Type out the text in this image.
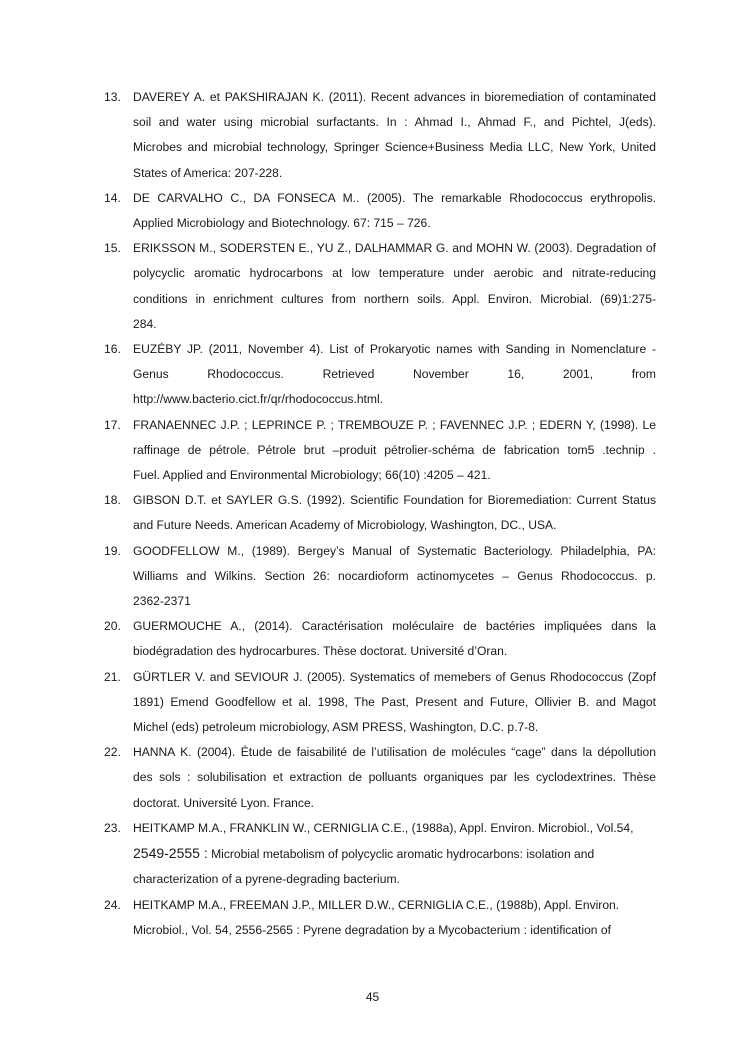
13. DAVEREY A. et PAKSHIRAJAN K. (2011). Recent advances in bioremediation of contaminated
soil and water using microbial surfactants. In : Ahmad I., Ahmad F., and Pichtel, J(eds).
Microbes and microbial technology, Springer Science+Business Media LLC, New York, United
States of America: 207-228.
14. DE CARVALHO C., DA FONSECA M.. (2005). The remarkable Rhodococcus erythropolis.
Applied Microbiology and Biotechnology. 67: 715 – 726.
15. ERIKSSON M., SODERSTEN E., YU Z., DALHAMMAR G. and MOHN W. (2003). Degradation of
polycyclic aromatic hydrocarbons at low temperature under aerobic and nitrate-reducing
conditions in enrichment cultures from northern soils. Appl. Environ. Microbial. (69)1:275-
284.
16. EUZÉBY JP. (2011, November 4). List of Prokaryotic names with Sanding in Nomenclature -
Genus Rhodococcus. Retrieved November 16, 2001, from
http://www.bacterio.cict.fr/qr/rhodococcus.html.
17. FRANAENNEC J.P. ; LEPRINCE P. ; TREMBOUZE P. ; FAVENNEC J.P. ; EDERN Y, (1998). Le
raffinage de pétrole. Pétrole brut –produit pétrolier-schéma de fabrication tom5 .technip .
Fuel. Applied and Environmental Microbiology; 66(10) :4205 – 421.
18. GIBSON D.T. et SAYLER G.S. (1992). Scientific Foundation for Bioremediation: Current Status
and Future Needs. American Academy of Microbiology, Washington, DC., USA.
19. GOODFELLOW M., (1989). Bergey’s Manual of Systematic Bacteriology. Philadelphia, PA:
Williams and Wilkins. Section 26: nocardioform actinomycetes – Genus Rhodococcus. p.
2362-2371
20. GUERMOUCHE A., (2014). Caractérisation moléculaire de bactéries impliquées dans la
biodégradation des hydrocarbures. Thèse doctorat. Université d’Oran.
21. GÜRTLER V. and SEVIOUR J. (2005). Systematics of memebers of Genus Rhodococcus (Zopf
1891) Emend Goodfellow et al. 1998, The Past, Present and Future, Ollivier B. and Magot
Michel (eds) petroleum microbiology, ASM PRESS, Washington, D.C. p.7-8.
22. HANNA K. (2004). Étude de faisabilité de l’utilisation de molécules “cage” dans la dépollution
des sols : solubilisation et extraction de polluants organiques par les cyclodextrines. Thèse
doctorat. Université Lyon. France.
23. HEITKAMP M.A., FRANKLIN W., CERNIGLIA C.E., (1988a), Appl. Environ. Microbiol., Vol.54,
2549-2555 : Microbial metabolism of polycyclic aromatic hydrocarbons: isolation and
characterization of a pyrene-degrading bacterium.
24. HEITKAMP M.A., FREEMAN J.P., MILLER D.W., CERNIGLIA C.E., (1988b), Appl. Environ.
Microbiol., Vol. 54, 2556-2565 : Pyrene degradation by a Mycobacterium : identification of
45
